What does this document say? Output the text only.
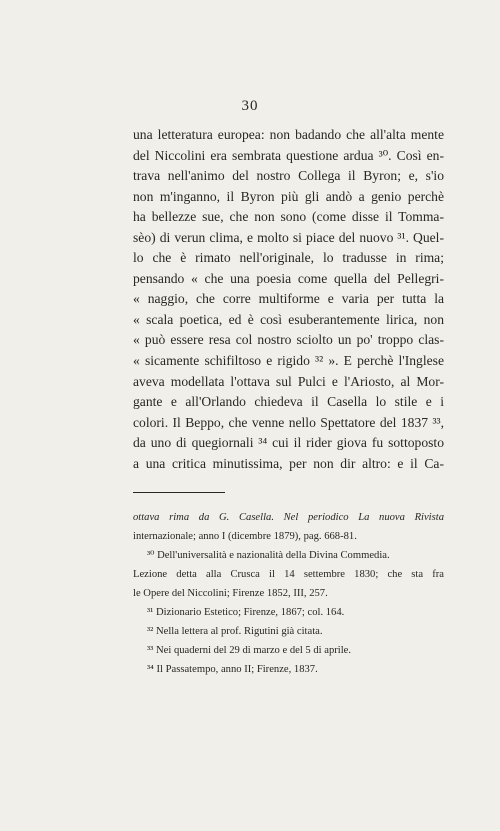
30
una letteratura europea: non badando che all'alta mente
del Niccolini era sembrata questione ardua ³⁰. Così en-
trava nell'animo del nostro Collega il Byron; e, s'io
non m'inganno, il Byron più gli andò a genio perchè
ha bellezze sue, che non sono (come disse il Tomma-
sèo) di verun clima, e molto si piace del nuovo ³¹. Quel-
lo che è rimato nell'originale, lo tradusse in rima;
pensando « che una poesia come quella del Pellegri-
« naggio, che corre multiforme e varia per tutta la
« scala poetica, ed è così esuberantemente lirica, non
« può essere resa col nostro sciolto un po' troppo clas-
« sicamente schifiltoso e rigido ³² ». E perchè l'Inglese
aveva modellata l'ottava sul Pulci e l'Ariosto, al Mor-
gante e all'Orlando chiedeva il Casella lo stile e i
colori. Il Beppo, che venne nello Spettatore del 1837 ³³,
da uno di quegiornali ³⁴ cui il rider giova fu sottoposto
a una critica minutissima, per non dir altro: e il Ca-
ottava rima da G. Casella. Nel periodico La nuova Rivista
internazionale; anno I (dicembre 1879), pag. 668-81.
³⁰ Dell'universalità e nazionalità della Divina Commedia.
Lezione detta alla Crusca il 14 settembre 1830; che sta fra
le Opere del Niccolini; Firenze 1852, III, 257.
³¹ Dizionario Estetico; Firenze, 1867; col. 164.
³² Nella lettera al prof. Rigutini già citata.
³³ Nei quaderni del 29 di marzo e del 5 di aprile.
³⁴ Il Passatempo, anno II; Firenze, 1837.
